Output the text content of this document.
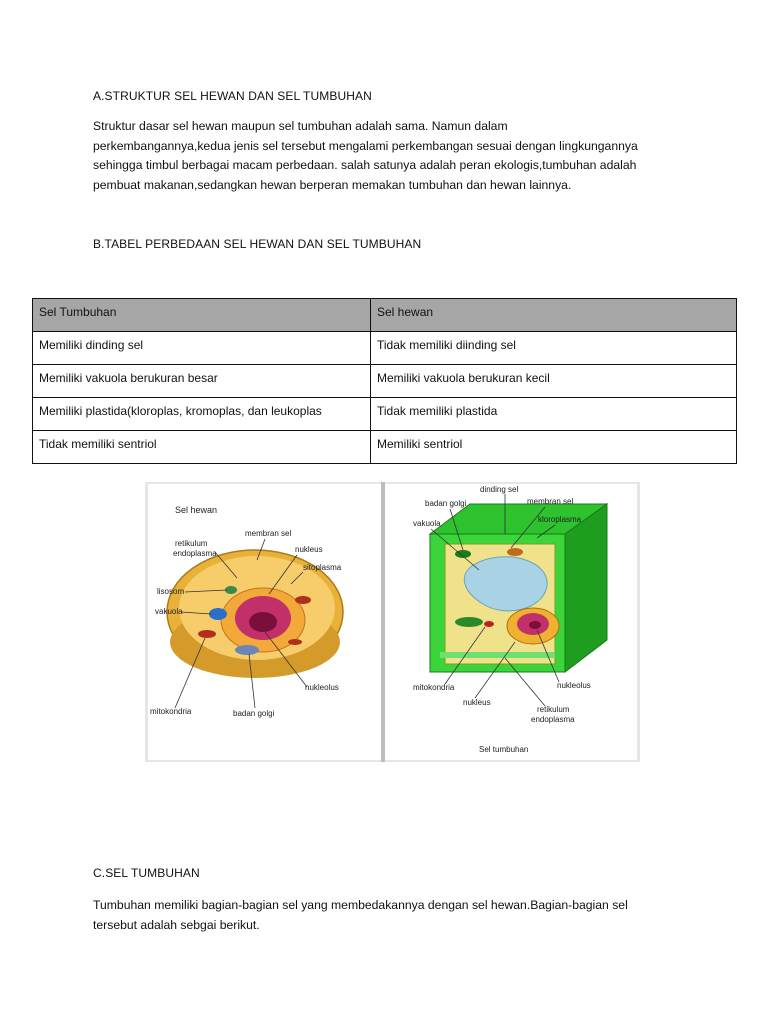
A.STRUKTUR SEL HEWAN DAN SEL TUMBUHAN
Struktur dasar sel hewan maupun sel tumbuhan adalah sama. Namun dalam
perkembangannya,kedua jenis sel tersebut mengalami perkembangan sesuai dengan lingkungannya
sehingga timbul berbagai macam perbedaan. salah satunya adalah peran ekologis,tumbuhan adalah
pembuat makanan,sedangkan hewan berperan memakan tumbuhan dan hewan lainnya.
B.TABEL PERBEDAAN SEL HEWAN DAN SEL TUMBUHAN
Sel Tumbuhan	Sel hewan
Memiliki dinding sel	Tidak memiliki diinding sel
Memiliki vakuola berukuran besar	Memiliki vakuola berukuran kecil
Memiliki plastida(kloroplas, kromoplas, dan leukoplas	Tidak memiliki plastida
Tidak memiliki sentriol	Memiliki sentriol
Sel hewan
membran sel
retikulum
endoplasma	nukleus
sitoplasma
lisosom
vakuola
nukleolus
mitokondria	badan golgi
dinding sel
badan golgi	membran sel
vakuola	kloroplasma
mitokondria	nukleolus
nukleus
retikulum
endoplasma
Sel tumbuhan
C.SEL TUMBUHAN
Tumbuhan memiliki bagian-bagian sel yang membedakannya dengan sel hewan.Bagian-bagian sel
tersebut adalah sebgai berikut.
